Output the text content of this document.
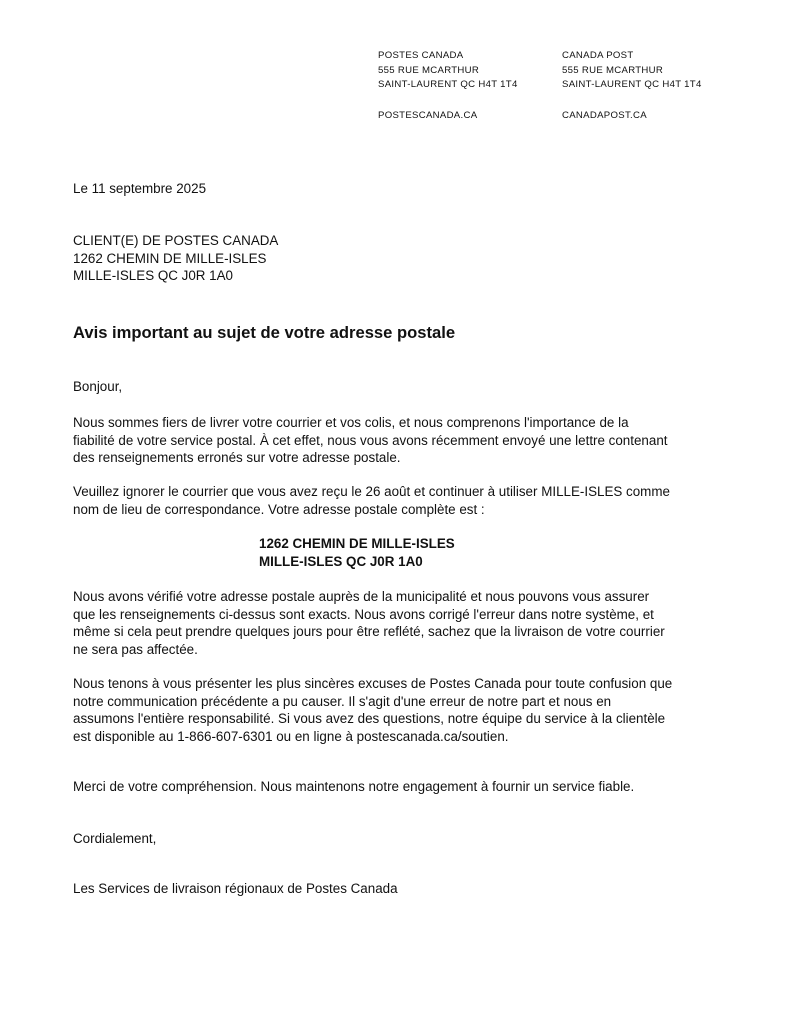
POSTES CANADA
555 RUE MCARTHUR
SAINT-LAURENT QC H4T 1T4
POSTESCANADA.CA
CANADA POST
555 RUE MCARTHUR
SAINT-LAURENT QC H4T 1T4
CANADAPOST.CA
Le 11 septembre 2025
CLIENT(E) DE POSTES CANADA
1262 CHEMIN DE MILLE-ISLES
MILLE-ISLES QC J0R 1A0
Avis important au sujet de votre adresse postale
Bonjour,
Nous sommes fiers de livrer votre courrier et vos colis, et nous comprenons l'importance de la fiabilité de votre service postal. À cet effet, nous vous avons récemment envoyé une lettre contenant des renseignements erronés sur votre adresse postale.
Veuillez ignorer le courrier que vous avez reçu le 26 août et continuer à utiliser MILLE-ISLES comme nom de lieu de correspondance. Votre adresse postale complète est :
1262 CHEMIN DE MILLE-ISLES
MILLE-ISLES QC J0R 1A0
Nous avons vérifié votre adresse postale auprès de la municipalité et nous pouvons vous assurer que les renseignements ci-dessus sont exacts. Nous avons corrigé l'erreur dans notre système, et même si cela peut prendre quelques jours pour être reflété, sachez que la livraison de votre courrier ne sera pas affectée.
Nous tenons à vous présenter les plus sincères excuses de Postes Canada pour toute confusion que notre communication précédente a pu causer. Il s'agit d'une erreur de notre part et nous en assumons l'entière responsabilité. Si vous avez des questions, notre équipe du service à la clientèle est disponible au 1-866-607-6301 ou en ligne à postescanada.ca/soutien.
Merci de votre compréhension. Nous maintenons notre engagement à fournir un service fiable.
Cordialement,
Les Services de livraison régionaux de Postes Canada
